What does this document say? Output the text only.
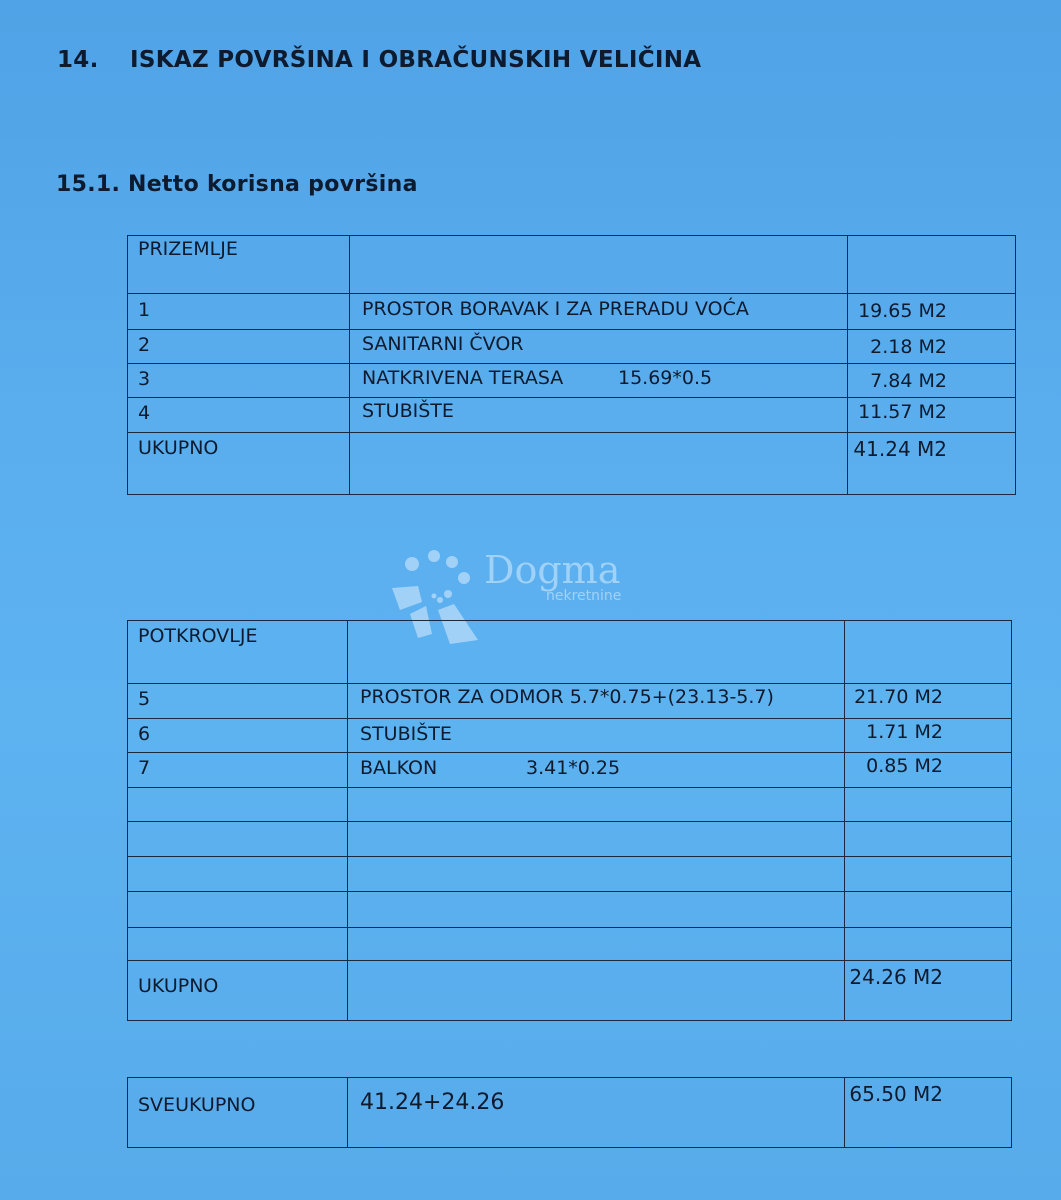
14. ISKAZ POVRŠINA I OBRAČUNSKIH VELIČINA
15.1. Netto korisna površina
PRIZEMLJE		
1	PROSTOR BORAVAK I ZA PRERADU VOĆA	19.65 M2
2	SANITARNI ČVOR	2.18 M2
3	NATKRIVENA TERASA 15.69*0.5	7.84 M2
4	STUBIŠTE	11.57 M2
UKUPNO		41.24 M2
Dogma
nekretnine
POTKROVLJE		
5	PROSTOR ZA ODMOR 5.7*0.75+(23.13-5.7)	21.70 M2
6	STUBIŠTE	1.71 M2
7	BALKON 3.41*0.25	0.85 M2

UKUPNO		24.26 M2
SVEUKUPNO	41.24+24.26	65.50 M2
